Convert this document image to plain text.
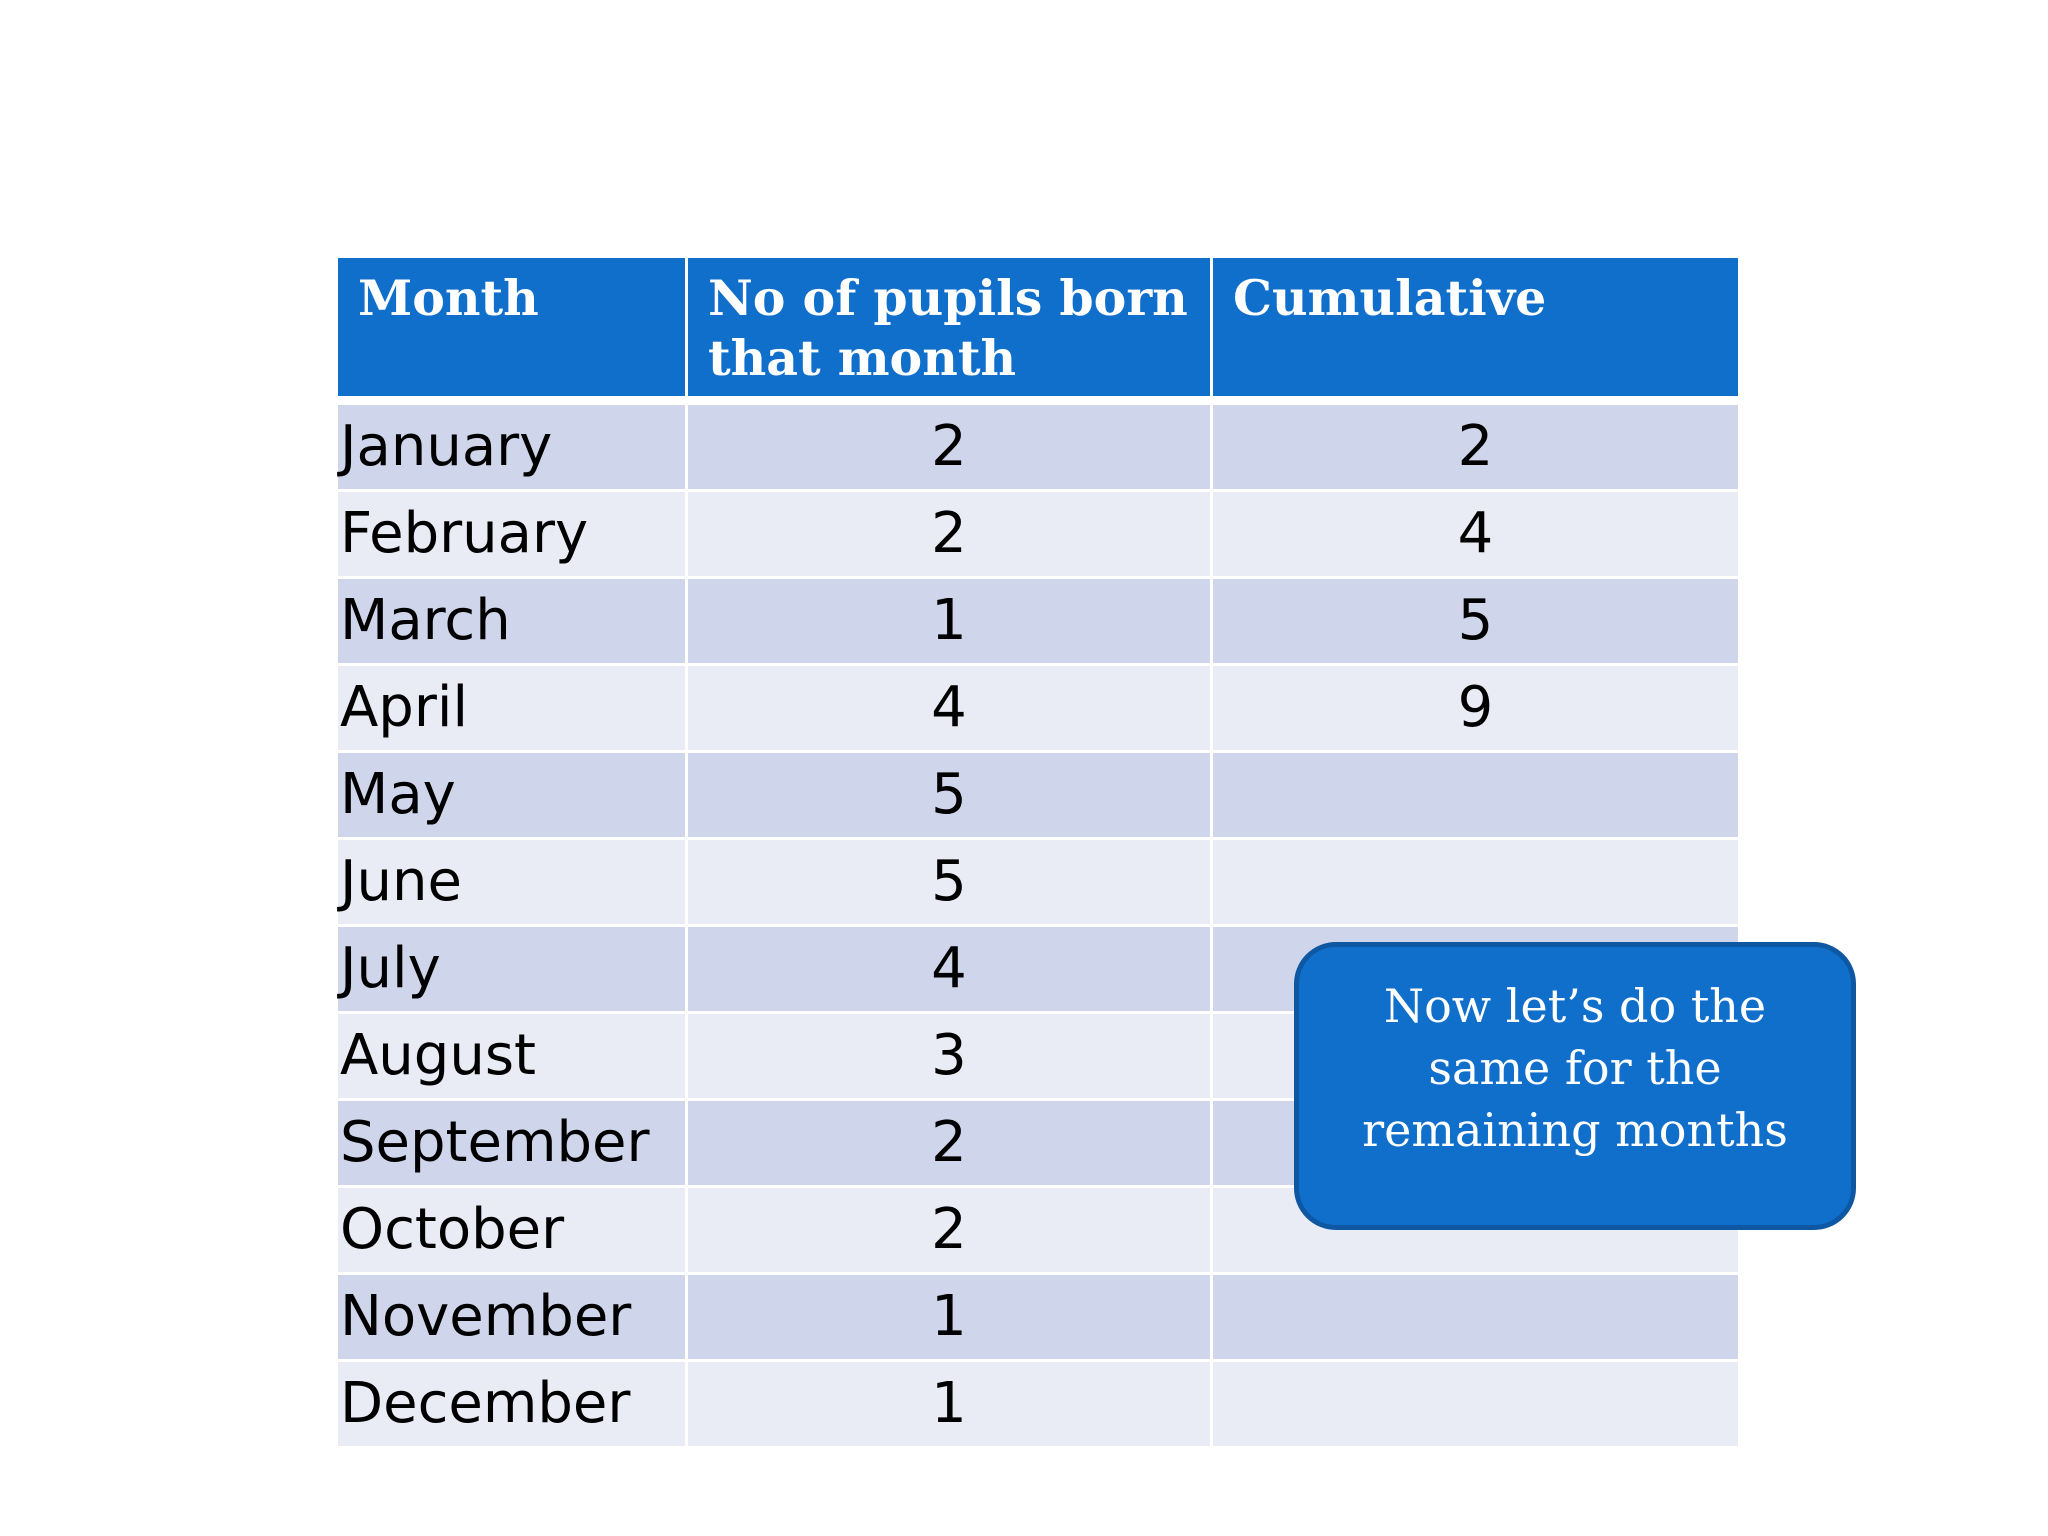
Month	No of pupils born that month	Cumulative
January	2	2
February	2	4
March	1	5
April	4	9
May	5	
June	5	
July	4	
August	3	
September	2	
October	2	
November	1	
December	1	
Now let’s do the same for the remaining months
